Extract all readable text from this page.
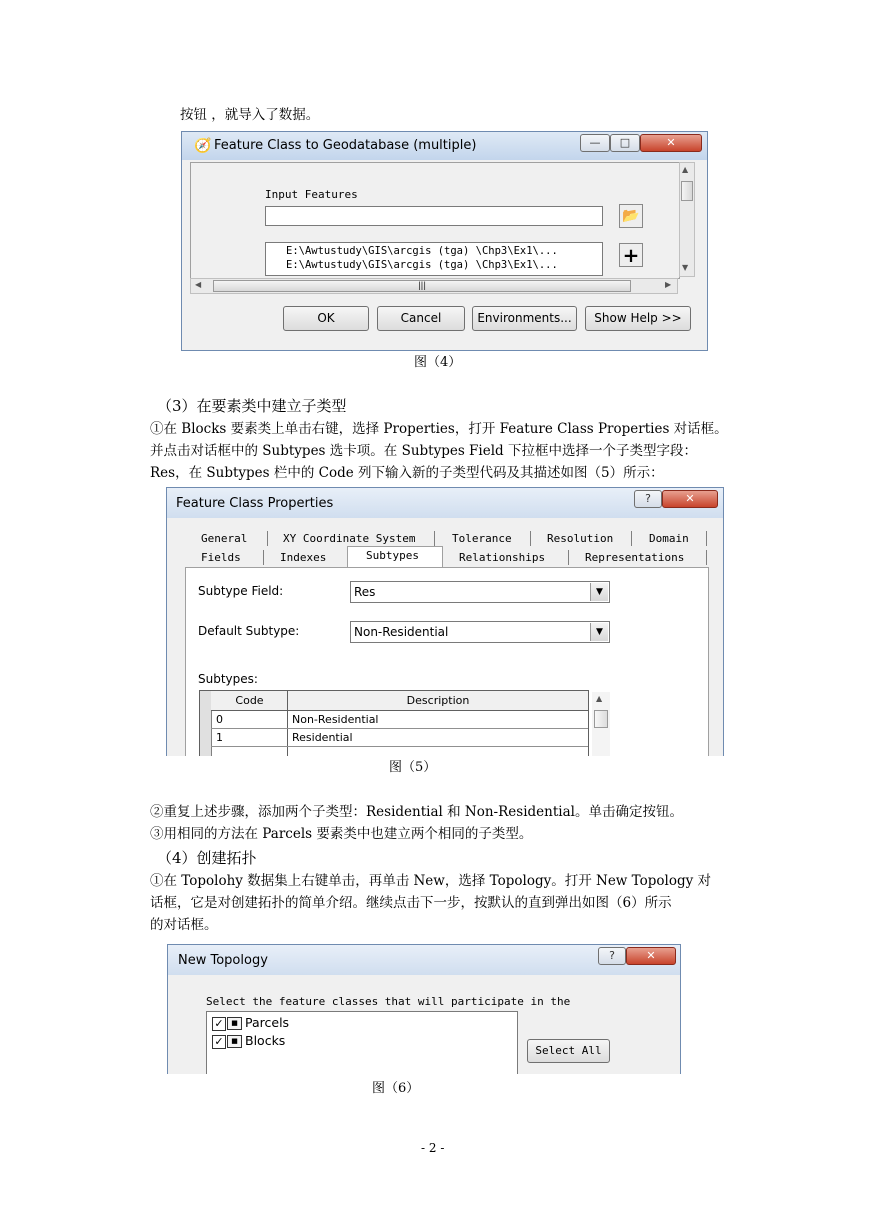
按钮 ，就导入了数据。
🧭 Feature Class to Geodatabase (multiple)	—	□	✕
Input Features
📂
E:\Awtustudy\GIS\arcgis (tga) \Chp3\Ex1\...
E:\Awtustudy\GIS\arcgis (tga) \Chp3\Ex1\...	+
▲
▼
◀	|||	▶
OK	Cancel	Environments...	Show Help >>
图（4）
（3）在要素类中建立子类型
①在 Blocks 要素类上单击右键，选择 Properties，打开 Feature Class Properties 对话框。
并点击对话框中的 Subtypes 选卡项。在 Subtypes Field 下拉框中选择一个子类型字段：
Res，在 Subtypes 栏中的 Code 列下输入新的子类型代码及其描述如图（5）所示：
Feature Class Properties	?	✕
General	XY Coordinate System	Tolerance	Resolution	Domain
Fields	Indexes	Subtypes	Relationships	Representations
Subtype Field:	Res	▼
Default Subtype:	Non-Residential	▼
Subtypes:
Code	Description
0	Non-Residential
1	Residential
▲
图（5）
②重复上述步骤，添加两个子类型：Residential 和 Non-Residential。单击确定按钮。
③用相同的方法在 Parcels 要素类中也建立两个相同的子类型。
（4）创建拓扑
①在 Topolohy 数据集上右键单击，再单击 New，选择 Topology。打开 New Topology 对
话框，它是对创建拓扑的简单介绍。继续点击下一步，按默认的直到弹出如图（6）所示
的对话框。
New Topology	?	✕
Select the feature classes that will participate in the
✓	■ Parcels
✓	■ Blocks
Select All
图（6）
- 2 -
